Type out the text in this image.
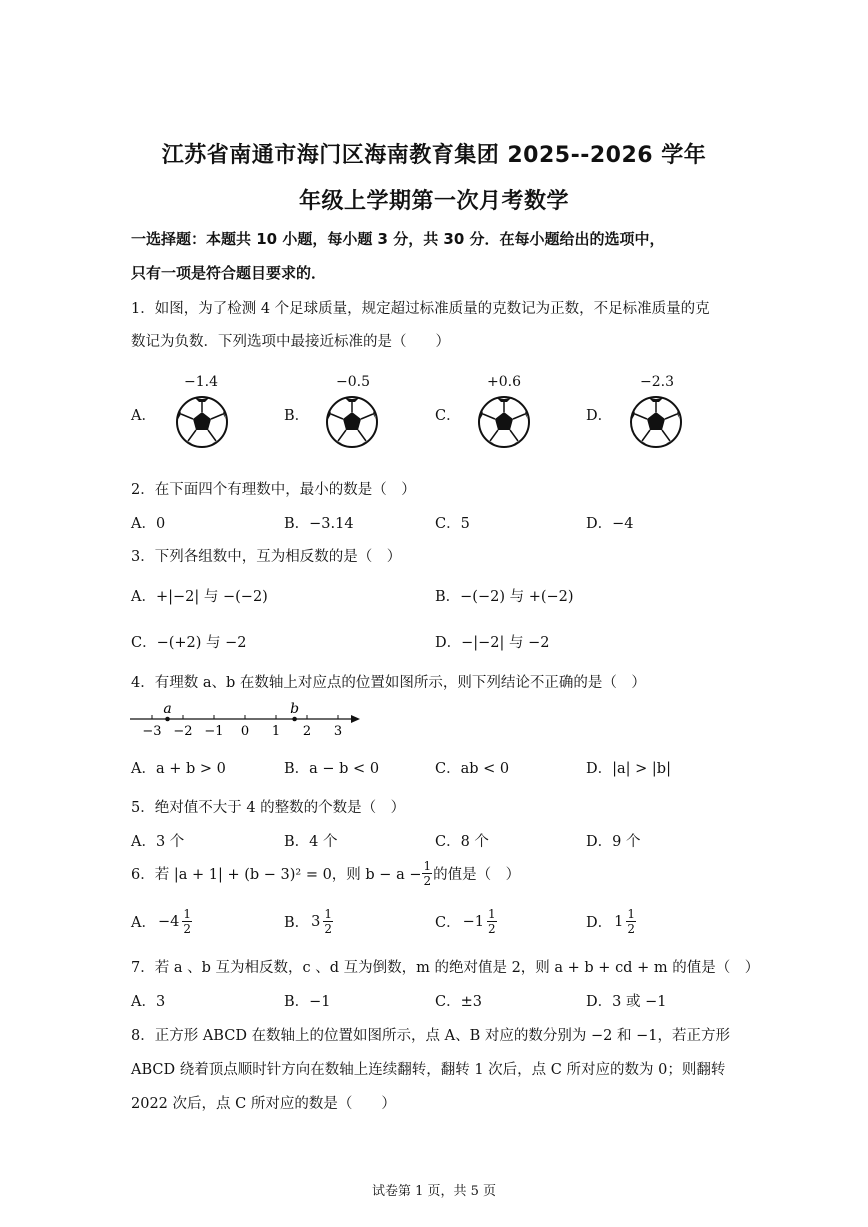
江苏省南通市海门区海南教育集团 2025--2026 学年
年级上学期第一次月考数学
一选择题：本题共 10 小题，每小题 3 分，共 30 分．在每小题给出的选项中，
只有一项是符合题目要求的．
1．如图，为了检测 4 个足球质量，规定超过标准质量的克数记为正数，不足标准质量的克
数记为负数．下列选项中最接近标准的是（　　）
A．
−1.4
B．
−0.5
C．
+0.6
D．
−2.3
2．在下面四个有理数中，最小的数是（　）
A．0	B．−3.14	C．5	D．−4
3．下列各组数中，互为相反数的是（　）
A．+|−2| 与 −(−2)	B．−(−2) 与 +(−2)
C．−(+2) 与 −2	D．−|−2| 与 −2
4．有理数 a、b 在数轴上对应点的位置如图所示，则下列结论不正确的是（　）
−3 −2 −1 0 1 2 3
a	b
A．a + b > 0	B．a − b < 0	C．ab < 0	D．|a| > |b|
5．绝对值不大于 4 的整数的个数是（　）
A．3 个	B．4 个	C．8 个	D．9 个
6．若 |a + 1| + (b − 3)² = 0，则 $b - a - \frac{1}{2}$ 的值是（　）
A． $-4 \frac{1}{2}$	B． $3 \frac{1}{2}$	C． $-1 \frac{1}{2}$	D． $1 \frac{1}{2}$
7．若 a 、b 互为相反数，c 、d 互为倒数，m 的绝对值是 2，则 a + b + cd + m 的值是（　）
A．3	B．−1	C．±3	D．3 或 −1
8．正方形 ABCD 在数轴上的位置如图所示，点 A、B 对应的数分别为 −2 和 −1，若正方形
ABCD 绕着顶点顺时针方向在数轴上连续翻转，翻转 1 次后，点 C 所对应的数为 0；则翻转
2022 次后，点 C 所对应的数是（　　）
试卷第 1 页，共 5 页
